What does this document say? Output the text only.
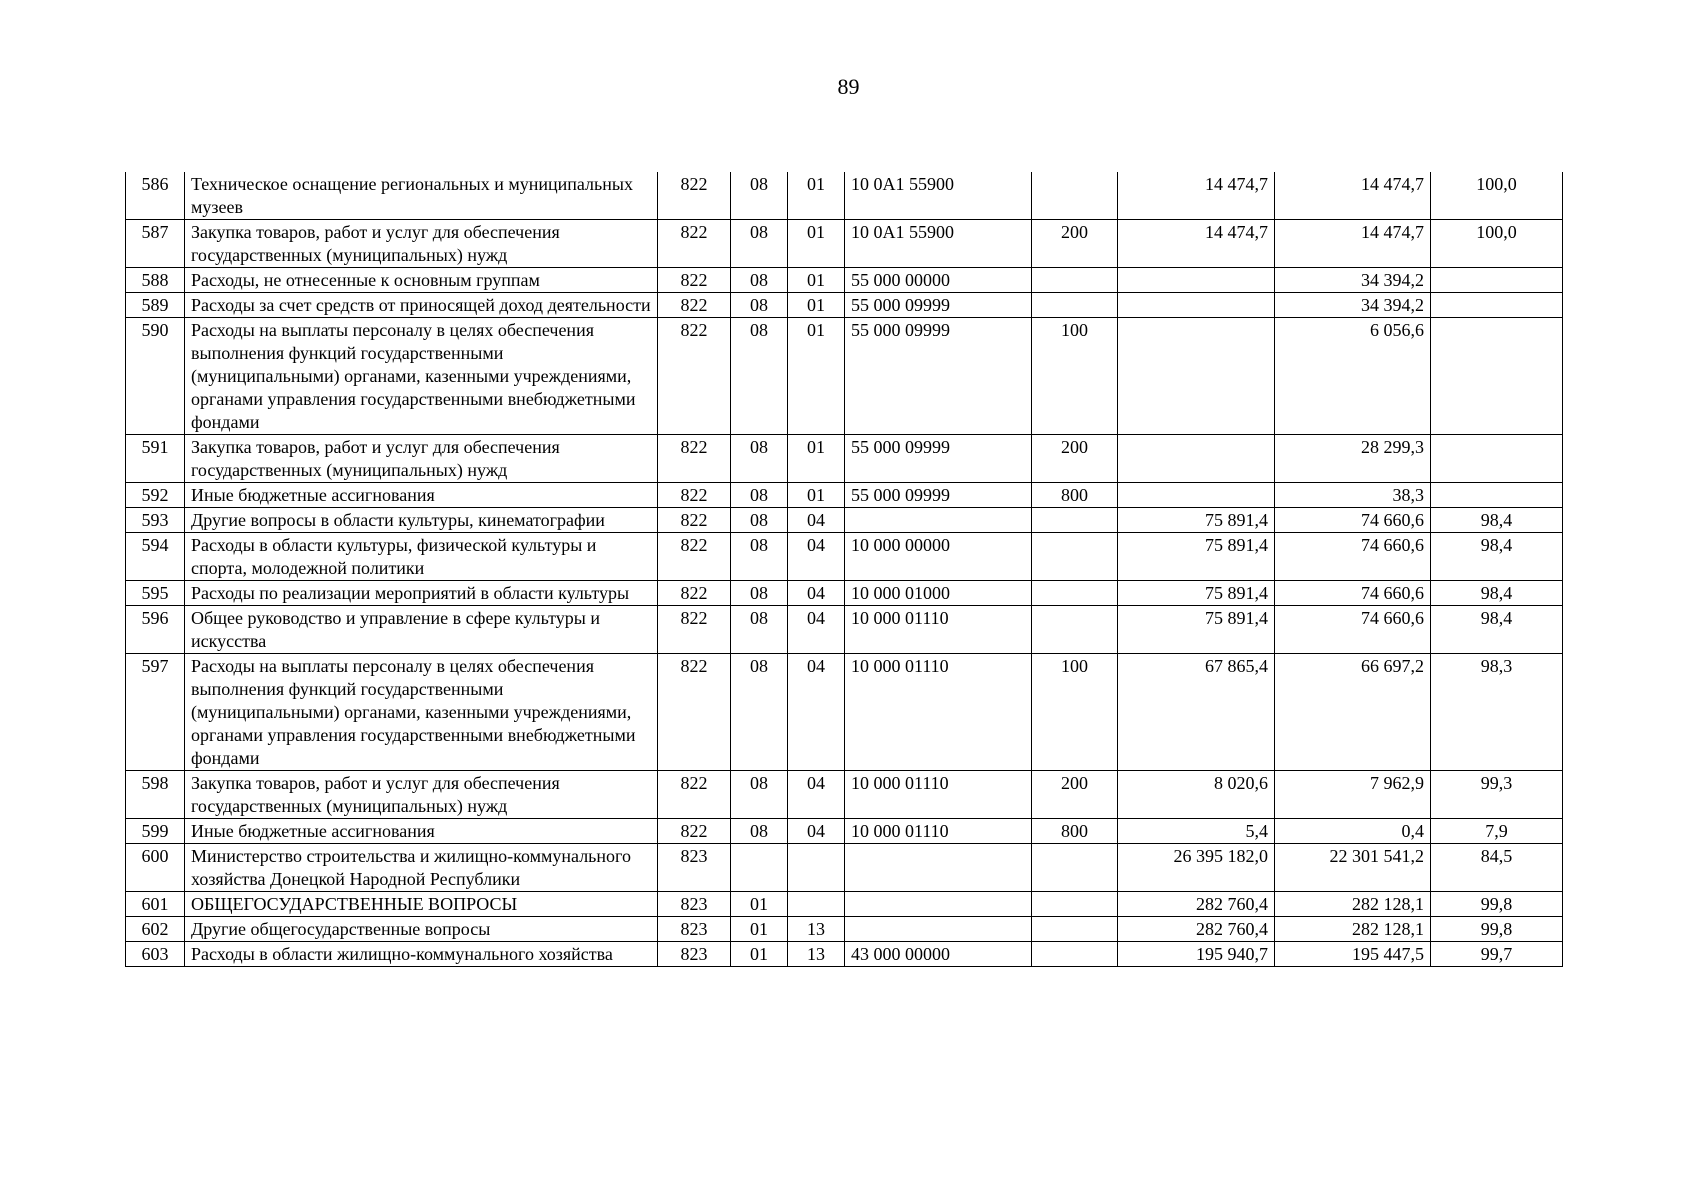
89
586	Техническое оснащение региональных и муниципальных музеев	822	08	01	10 0А1 55900		14 474,7	14 474,7	100,0
587	Закупка товаров, работ и услуг для обеспечения государственных (муниципальных) нужд	822	08	01	10 0А1 55900	200	14 474,7	14 474,7	100,0
588	Расходы, не отнесенные к основным группам	822	08	01	55 000 00000			34 394,2	
589	Расходы за счет средств от приносящей доход деятельности	822	08	01	55 000 09999			34 394,2	
590	Расходы на выплаты персоналу в целях обеспечения выполнения функций государственными (муниципальными) органами, казенными учреждениями, органами управления государственными внебюджетными фондами	822	08	01	55 000 09999	100		6 056,6	
591	Закупка товаров, работ и услуг для обеспечения государственных (муниципальных) нужд	822	08	01	55 000 09999	200		28 299,3	
592	Иные бюджетные ассигнования	822	08	01	55 000 09999	800		38,3	
593	Другие вопросы в области культуры, кинематографии	822	08	04			75 891,4	74 660,6	98,4
594	Расходы в области культуры, физической культуры и спорта, молодежной политики	822	08	04	10 000 00000		75 891,4	74 660,6	98,4
595	Расходы по реализации мероприятий в области культуры	822	08	04	10 000 01000		75 891,4	74 660,6	98,4
596	Общее руководство и управление в сфере культуры и искусства	822	08	04	10 000 01110		75 891,4	74 660,6	98,4
597	Расходы на выплаты персоналу в целях обеспечения выполнения функций государственными (муниципальными) органами, казенными учреждениями, органами управления государственными внебюджетными фондами	822	08	04	10 000 01110	100	67 865,4	66 697,2	98,3
598	Закупка товаров, работ и услуг для обеспечения государственных (муниципальных) нужд	822	08	04	10 000 01110	200	8 020,6	7 962,9	99,3
599	Иные бюджетные ассигнования	822	08	04	10 000 01110	800	5,4	0,4	7,9
600	Министерство строительства и жилищно-коммунального хозяйства Донецкой Народной Республики	823					26 395 182,0	22 301 541,2	84,5
601	ОБЩЕГОСУДАРСТВЕННЫЕ ВОПРОСЫ	823	01				282 760,4	282 128,1	99,8
602	Другие общегосударственные вопросы	823	01	13			282 760,4	282 128,1	99,8
603	Расходы в области жилищно-коммунального хозяйства	823	01	13	43 000 00000		195 940,7	195 447,5	99,7
